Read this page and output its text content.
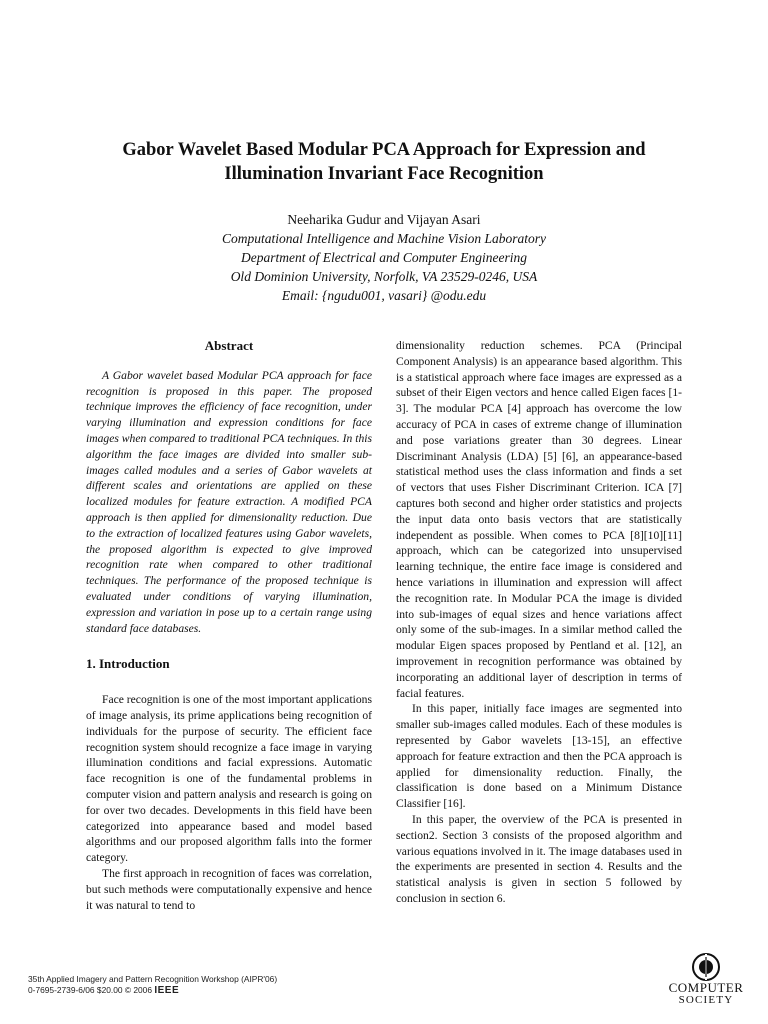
Gabor Wavelet Based Modular PCA Approach for Expression and
Illumination Invariant Face Recognition
Neeharika Gudur and Vijayan Asari
Computational Intelligence and Machine Vision Laboratory
Department of Electrical and Computer Engineering
Old Dominion University, Norfolk, VA 23529-0246, USA
Email: {ngudu001, vasari} @odu.edu
Abstract

A Gabor wavelet based Modular PCA approach for face recognition is proposed in this paper. The proposed technique improves the efficiency of face recognition, under varying illumination and expression conditions for face images when compared to traditional PCA techniques. In this algorithm the face images are divided into smaller sub-images called modules and a series of Gabor wavelets at different scales and orientations are applied on these localized modules for feature extraction. A modified PCA approach is then applied for dimensionality reduction. Due to the extraction of localized features using Gabor wavelets, the proposed algorithm is expected to give improved recognition rate when compared to other traditional techniques. The performance of the proposed technique is evaluated under conditions of varying illumination, expression and variation in pose up to a certain range using standard face databases.

1. Introduction

Face recognition is one of the most important applications of image analysis, its prime applications being recognition of individuals for the purpose of security. The efficient face recognition system should recognize a face image in varying illumination conditions and facial expressions. Automatic face recognition is one of the fundamental problems in computer vision and pattern analysis and research is going on for over two decades. Developments in this field have been categorized into appearance based and model based algorithms and our proposed algorithm falls into the former category.

The first approach in recognition of faces was correlation, but such methods were computationally expensive and hence it was natural to tend to

dimensionality reduction schemes. PCA (Principal Component Analysis) is an appearance based algorithm. This is a statistical approach where face images are expressed as a subset of their Eigen vectors and hence called Eigen faces [1-3]. The modular PCA [4] approach has overcome the low accuracy of PCA in cases of extreme change of illumination and pose variations greater than 30 degrees. Linear Discriminant Analysis (LDA) [5] [6], an appearance-based statistical method uses the class information and finds a set of vectors that uses Fisher Discriminant Criterion. ICA [7] captures both second and higher order statistics and projects the input data onto basis vectors that are statistically independent as possible. When comes to PCA [8][10][11] approach, which can be categorized into unsupervised learning technique, the entire face image is considered and hence variations in illumination and expression will affect the recognition rate. In Modular PCA the image is divided into sub-images of equal sizes and hence variations affect only some of the sub-images. In a similar method called the modular Eigen spaces proposed by Pentland et al. [12], an improvement in recognition performance was obtained by incorporating an additional layer of description in terms of facial features.

In this paper, initially face images are segmented into smaller sub-images called modules. Each of these modules is represented by Gabor wavelets [13-15], an effective approach for feature extraction and then the PCA approach is applied for dimensionality reduction. Finally, the classification is done based on a Minimum Distance Classifier [16].

In this paper, the overview of the PCA is presented in section2. Section 3 consists of the proposed algorithm and various equations involved in it. The image databases used in the experiments are presented in section 4. Results and the statistical analysis is given in section 5 followed by conclusion in section 6.

35th Applied Imagery and Pattern Recognition Workshop (AIPR'06)
0-7695-2739-6/06 $20.00 © 2006 IEEE	COMPUTER
SOCIETY
